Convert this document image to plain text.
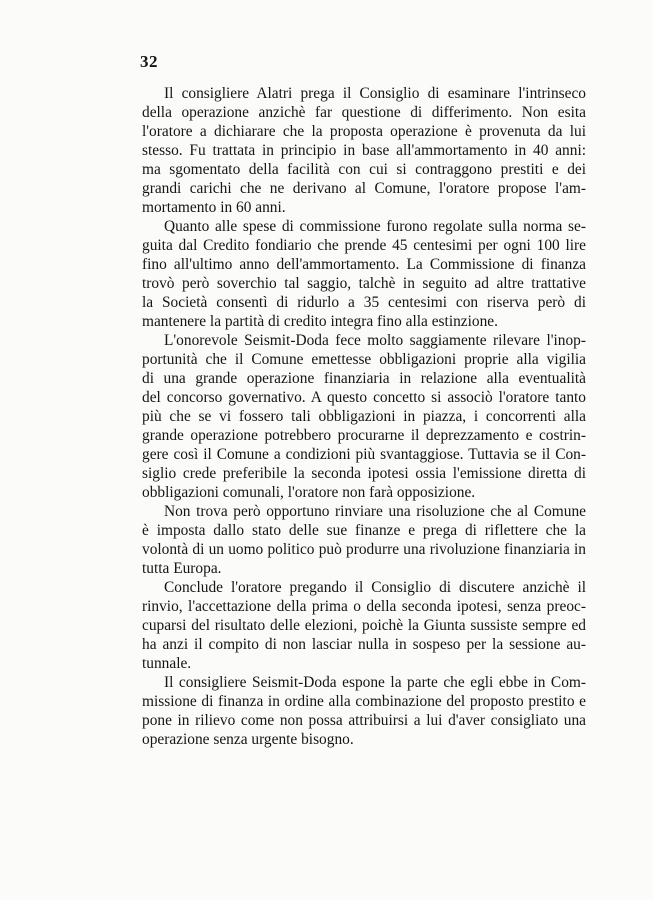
32
Il consigliere Alatri prega il Consiglio di esaminare l'intrinseco
della operazione anzichè far questione di differimento. Non esita
l'oratore a dichiarare che la proposta operazione è provenuta da lui
stesso. Fu trattata in principio in base all'ammortamento in 40 anni:
ma sgomentato della facilità con cui si contraggono prestiti e dei
grandi carichi che ne derivano al Comune, l'oratore propose l'am-
mortamento in 60 anni.
Quanto alle spese di commissione furono regolate sulla norma se-
guita dal Credito fondiario che prende 45 centesimi per ogni 100 lire
fino all'ultimo anno dell'ammortamento. La Commissione di finanza
trovò però soverchio tal saggio, talchè in seguito ad altre trattative
la Società consentì di ridurlo a 35 centesimi con riserva però di
mantenere la partità di credito integra fino alla estinzione.
L'onorevole Seismit-Doda fece molto saggiamente rilevare l'inop-
portunità che il Comune emettesse obbligazioni proprie alla vigilia
di una grande operazione finanziaria in relazione alla eventualità
del concorso governativo. A questo concetto si associò l'oratore tanto
più che se vi fossero tali obbligazioni in piazza, i concorrenti alla
grande operazione potrebbero procurarne il deprezzamento e costrin-
gere così il Comune a condizioni più svantaggiose. Tuttavia se il Con-
siglio crede preferibile la seconda ipotesi ossia l'emissione diretta di
obbligazioni comunali, l'oratore non farà opposizione.
Non trova però opportuno rinviare una risoluzione che al Comune
è imposta dallo stato delle sue finanze e prega di riflettere che la
volontà di un uomo politico può produrre una rivoluzione finanziaria in
tutta Europa.
Conclude l'oratore pregando il Consiglio di discutere anzichè il
rinvio, l'accettazione della prima o della seconda ipotesi, senza preoc-
cuparsi del risultato delle elezioni, poichè la Giunta sussiste sempre ed
ha anzi il compito di non lasciar nulla in sospeso per la sessione au-
tunnale.
Il consigliere Seismit-Doda espone la parte che egli ebbe in Com-
missione di finanza in ordine alla combinazione del proposto prestito e
pone in rilievo come non possa attribuirsi a lui d'aver consigliato una
operazione senza urgente bisogno.
